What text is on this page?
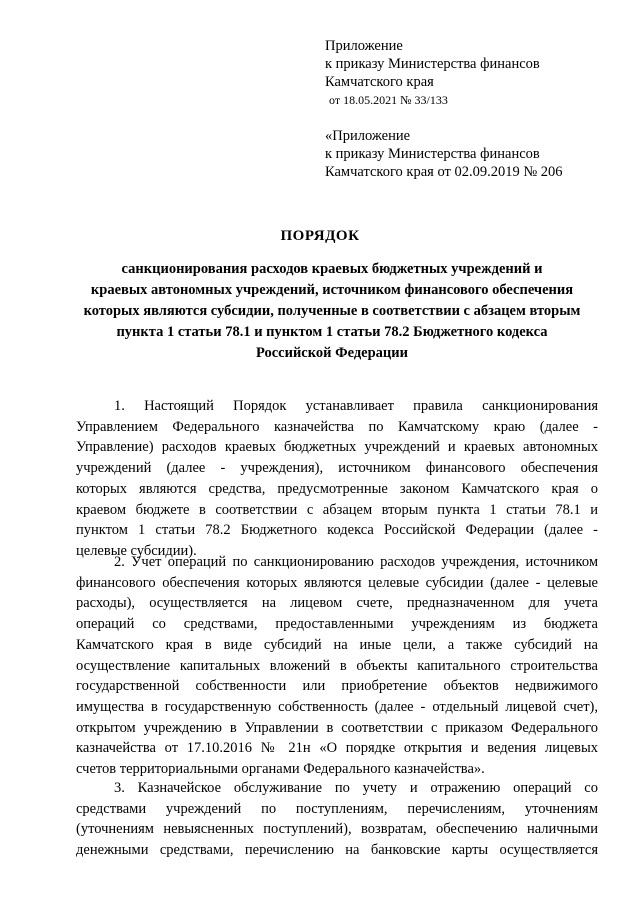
Приложение
к приказу Министерства финансов
Камчатского края
от 18.05.2021 № 33/133
«Приложение
к приказу Министерства финансов
Камчатского края от 02.09.2019 № 206
ПОРЯДОК
санкционирования расходов краевых бюджетных учреждений и
краевых автономных учреждений, источником финансового обеспечения
которых являются субсидии, полученные в соответствии с абзацем вторым
пункта 1 статьи 78.1 и пунктом 1 статьи 78.2 Бюджетного кодекса
Российской Федерации
1. Настоящий Порядок устанавливает правила санкционирования
Управлением Федерального казначейства по Камчатскому краю (далее -
Управление) расходов краевых бюджетных учреждений и краевых автономных
учреждений (далее - учреждения), источником финансового обеспечения
которых являются средства, предусмотренные законом Камчатского края о
краевом бюджете в соответствии с абзацем вторым пункта 1 статьи 78.1 и
пунктом 1 статьи 78.2 Бюджетного кодекса Российской Федерации (далее -
целевые субсидии).
2. Учет операций по санкционированию расходов учреждения, источником
финансового обеспечения которых являются целевые субсидии (далее - целевые
расходы), осуществляется на лицевом счете, предназначенном для учета
операций со средствами, предоставленными учреждениям из бюджета
Камчатского края в виде субсидий на иные цели, а также субсидий на
осуществление капитальных вложений в объекты капитального строительства
государственной собственности или приобретение объектов недвижимого
имущества в государственную собственность (далее - отдельный лицевой счет),
открытом учреждению в Управлении в соответствии с приказом Федерального
казначейства от 17.10.2016 № 21н «О порядке открытия и ведения лицевых
счетов территориальными органами Федерального казначейства».
3. Казначейское обслуживание по учету и отражению операций со
средствами учреждений по поступлениям, перечислениям, уточнениям
(уточнениям невыясненных поступлений), возвратам, обеспечению наличными
денежными средствами, перечислению на банковские карты осуществляется
